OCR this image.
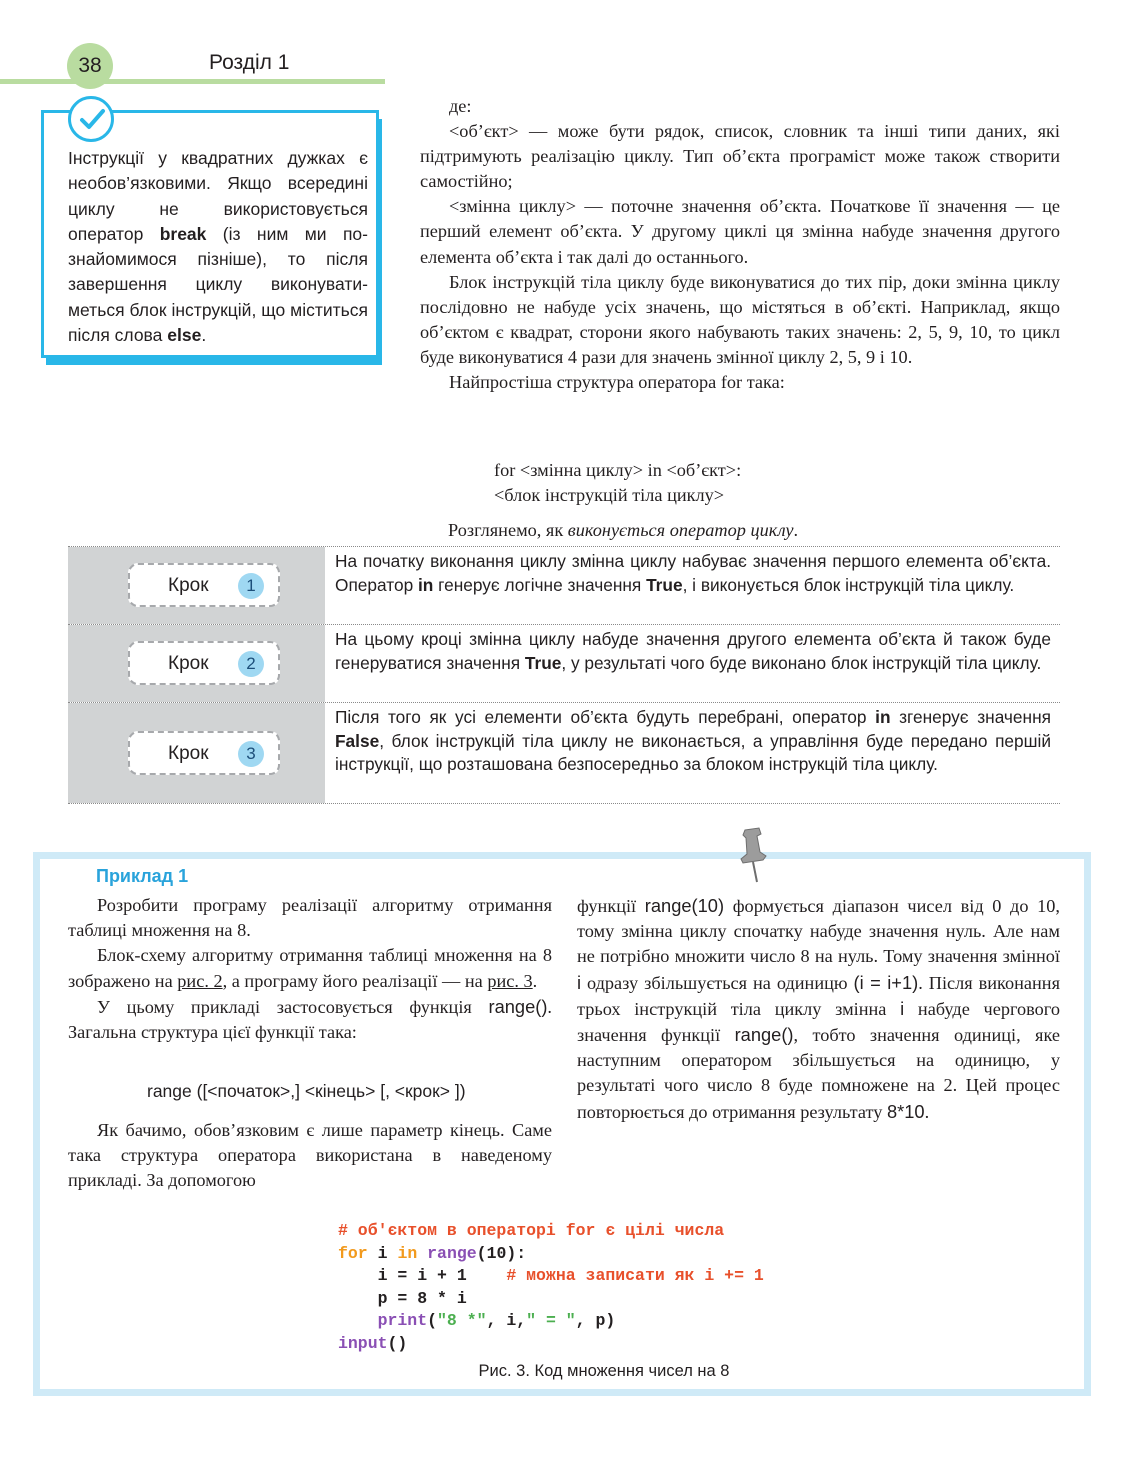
38	Розділ 1
Інструкції у квадратних дужках є необов’язковими. Якщо всередині циклу не використовується оператор break (із ним ми познайомимося пізніше), то після завершення циклу виконуватиметься блок інструкцій, що міститься після слова else.

де:

<об’єкт> — може бути рядок, список, словник та інші типи даних, які підтримують реалізацію циклу. Тип об’єкта програміст може також створити самостійно;

<змінна циклу> — поточне значення об’єкта. Початкове її значення — це перший елемент об’єкта. У другому циклі ця змінна набуде значення другого елемента об’єкта і так далі до останнього.

Блок інструкцій тіла циклу буде виконуватися до тих пір, доки змінна циклу послідовно не набуде усіх значень, що містяться в об’єкті. Наприклад, якщо об’єктом є квадрат, сторони якого набувають таких значень: 2, 5, 9, 10, то цикл буде виконуватися 4 рази для значень змінної циклу 2, 5, 9 і 10.

Найпростіша структура оператора for така:

for <змінна циклу> in <об’єкт>:
<блок інструкцій тіла циклу>
Розглянемо, як виконується оператор циклу.
Крок	1
На початку виконання циклу змінна циклу набуває значення першого елемента об’єкта. Оператор in генерує логічне значення True, і виконується блок інструкцій тіла циклу.
Крок	2
На цьому кроці змінна циклу набуде значення другого елемента об’єкта й також буде генеруватися значення True, у результаті чого буде виконано блок інструкцій тіла циклу.
Крок	3
Після того як усі елементи об’єкта будуть перебрані, оператор in згенерує значення False, блок інструкцій тіла циклу не виконається, а управління буде передано першій інструкції, що розташована безпосередньо за блоком інструкцій тіла циклу.
Приклад 1

Розробити програму реалізації алгоритму отримання таблиці множення на 8.

Блок-схему алгоритму отримання таблиці множення на 8 зображено на рис. 2, а програму його реалізації — на рис. 3.

У цьому прикладі застосовується функція range(). Загальна структура цієї функції така:

range ([<початок>,] <кінець> [, <крок> ])

Як бачимо, обов’язковим є лише параметр кінець. Саме така структура оператора використана в наведеному прикладі. За допомогою

функції range(10) формується діапазон чисел від 0 до 10, тому змінна циклу спочатку набуде значення нуль. Але нам не потрібно множити число 8 на нуль. Тому значення змінної i одразу збільшується на одиницю (i = i+1). Після виконання трьох інструкцій тіла циклу змінна i набуде чергового значення функції range(), тобто значення одиниці, яке наступним оператором збільшується на одиницю, у результаті чого число 8 буде помножене на 2. Цей процес повторюється до отримання результату 8*10.

# об'єктом в операторі for є цілі числа
for i in range(10):
i = i + 1    # можна записати як i += 1
p = 8 * i
print("8 *", i," = ", p)
input()
Рис. 3. Код множення чисел на 8
